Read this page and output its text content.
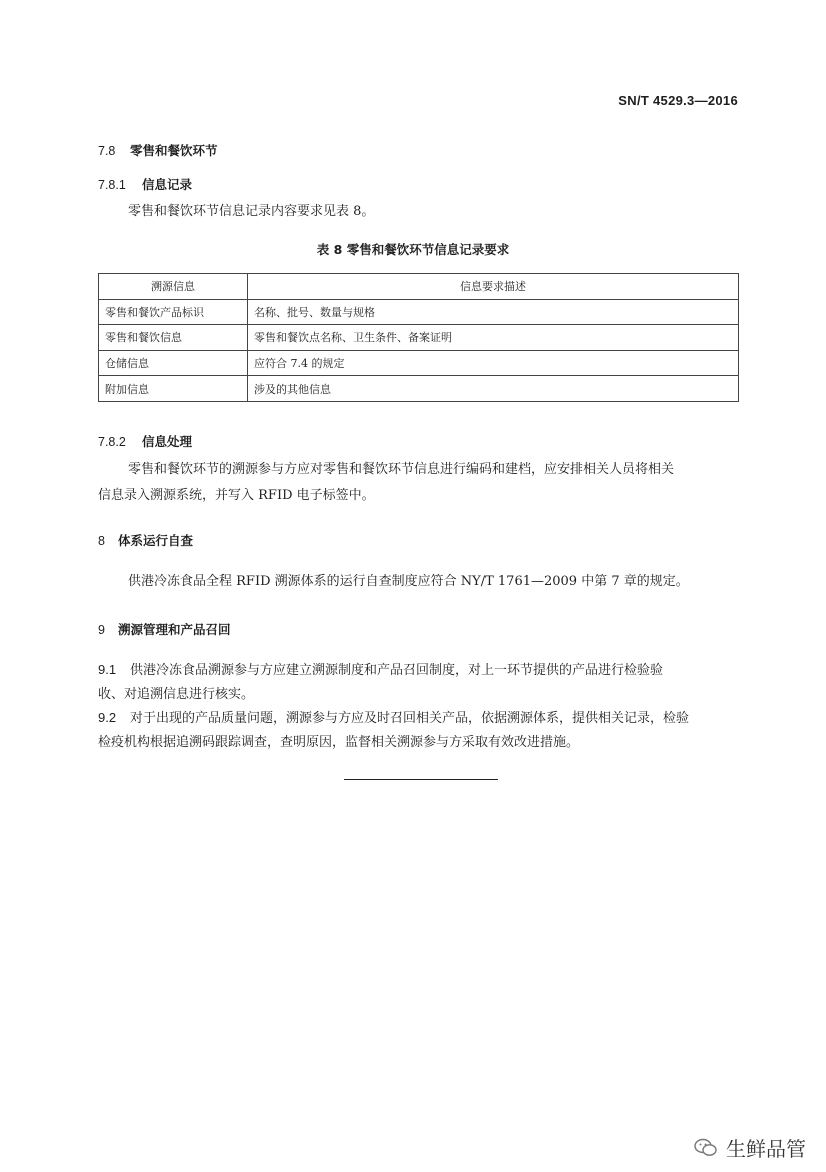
SN/T 4529.3—2016
7.8 零售和餐饮环节
7.8.1 信息记录
零售和餐饮环节信息记录内容要求见表 8。
表 8 零售和餐饮环节信息记录要求
溯源信息	信息要求描述
零售和餐饮产品标识	名称、批号、数量与规格
零售和餐饮信息	零售和餐饮点名称、卫生条件、备案证明
仓储信息	应符合 7.4 的规定
附加信息	涉及的其他信息
7.8.2 信息处理
零售和餐饮环节的溯源参与方应对零售和餐饮环节信息进行编码和建档，应安排相关人员将相关
信息录入溯源系统，并写入 RFID 电子标签中。
8 体系运行自查
供港冷冻食品全程 RFID 溯源体系的运行自查制度应符合 NY/T 1761—2009 中第 7 章的规定。
9 溯源管理和产品召回
9.1 供港冷冻食品溯源参与方应建立溯源制度和产品召回制度，对上一环节提供的产品进行检验验
收、对追溯信息进行核实。
9.2 对于出现的产品质量问题，溯源参与方应及时召回相关产品，依据溯源体系，提供相关记录，检验
检疫机构根据追溯码跟踪调查，查明原因，监督相关溯源参与方采取有效改进措施。
生鲜品管
